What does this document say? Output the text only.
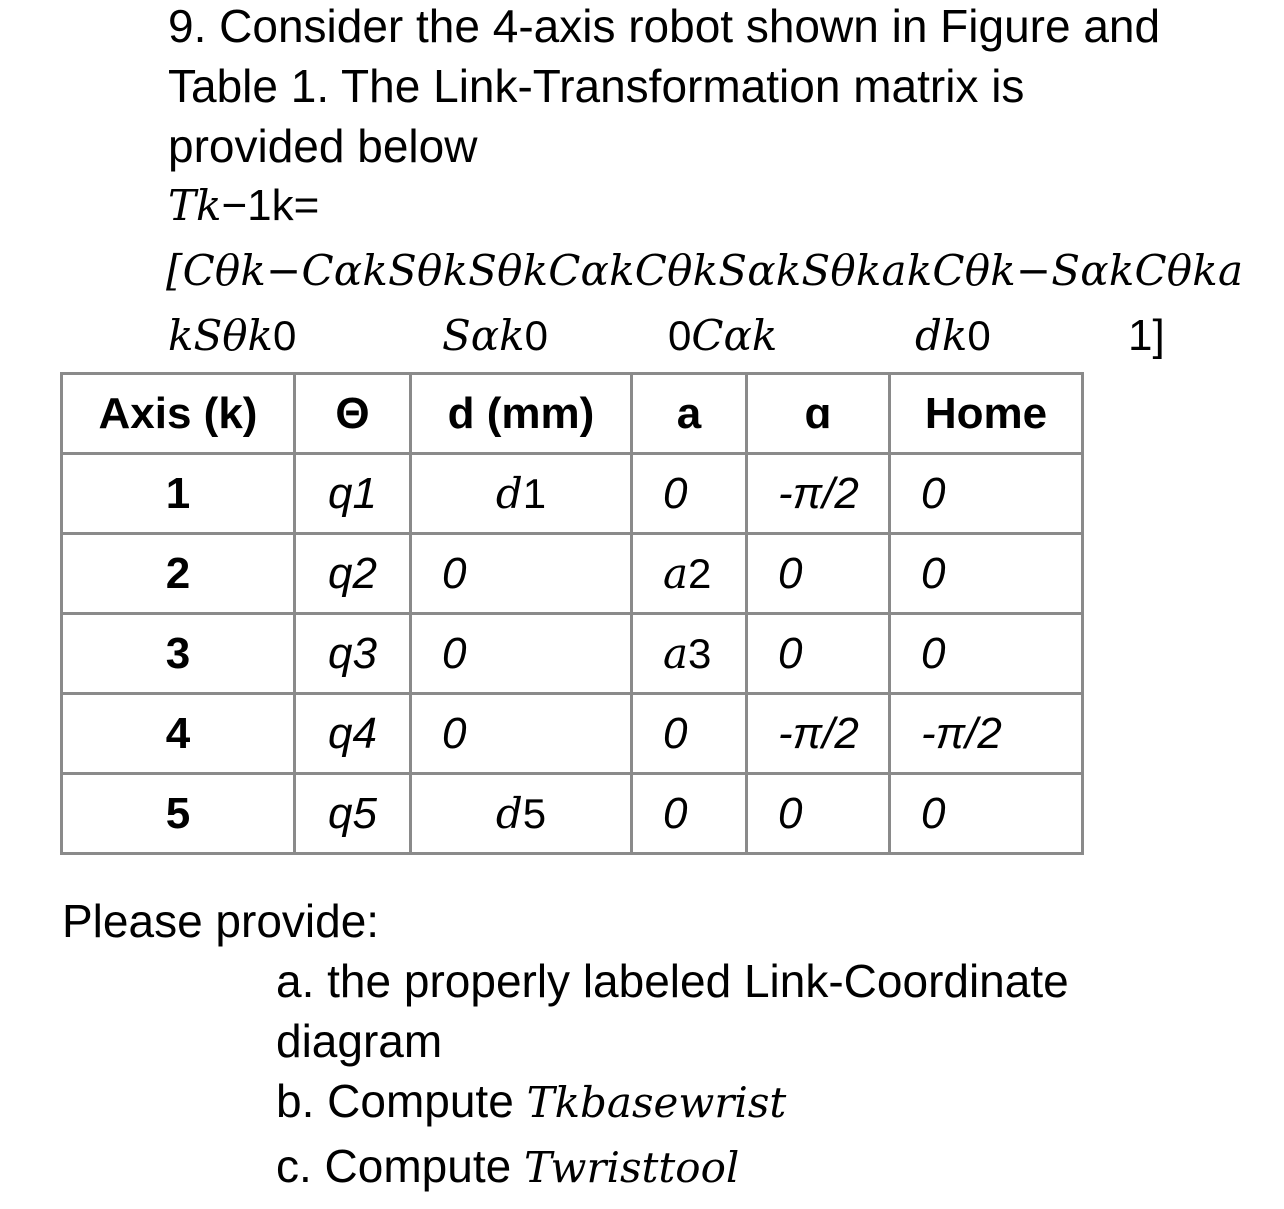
9. Consider the 4-axis robot shown in Figure and
Table 1. The Link-Transformation matrix is
provided below
Tk−1k=
[Cθk−CαkSθkSθkCαkCθkSαkSθkakCθk−SαkCθka
kSθk0	Sαk0	0Cαk	dk0	1]
Axis (k)	Θ	d (mm)	a	ɑ	Home
1	q1	d1	0	-π/2	0
2	q2	0	a2	0	0
3	q3	0	a3	0	0
4	q4	0	0	-π/2	-π/2
5	q5	d5	0	0	0
Please provide:
a. the properly labeled Link-Coordinate
diagram
b. Compute Tkbasewrist
c. Compute Twristtool
